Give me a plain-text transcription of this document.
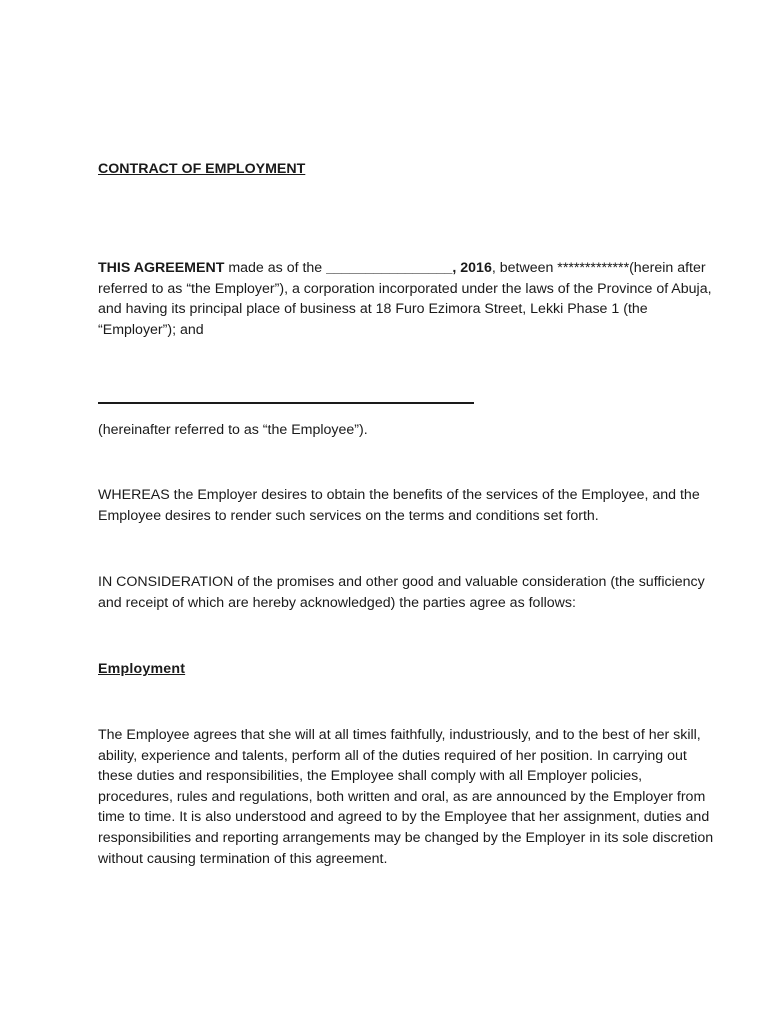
CONTRACT OF EMPLOYMENT

THIS AGREEMENT made as of the ________________, 2016, between *************(herein after referred to as “the Employer”), a corporation incorporated under the laws of the Province of Abuja, and having its principal place of business at 18 Furo Ezimora Street, Lekki Phase 1 (the “Employer”); and

(hereinafter referred to as “the Employee”).

WHEREAS the Employer desires to obtain the benefits of the services of the Employee, and the Employee desires to render such services on the terms and conditions set forth.

IN CONSIDERATION of the promises and other good and valuable consideration (the sufficiency and receipt of which are hereby acknowledged) the parties agree as follows:

Employment

The Employee agrees that she will at all times faithfully, industriously, and to the best of her skill, ability, experience and talents, perform all of the duties required of her position. In carrying out these duties and responsibilities, the Employee shall comply with all Employer policies, procedures, rules and regulations, both written and oral, as are announced by the Employer from time to time. It is also understood and agreed to by the Employee that her assignment, duties and responsibilities and reporting arrangements may be changed by the Employer in its sole discretion without causing termination of this agreement.
